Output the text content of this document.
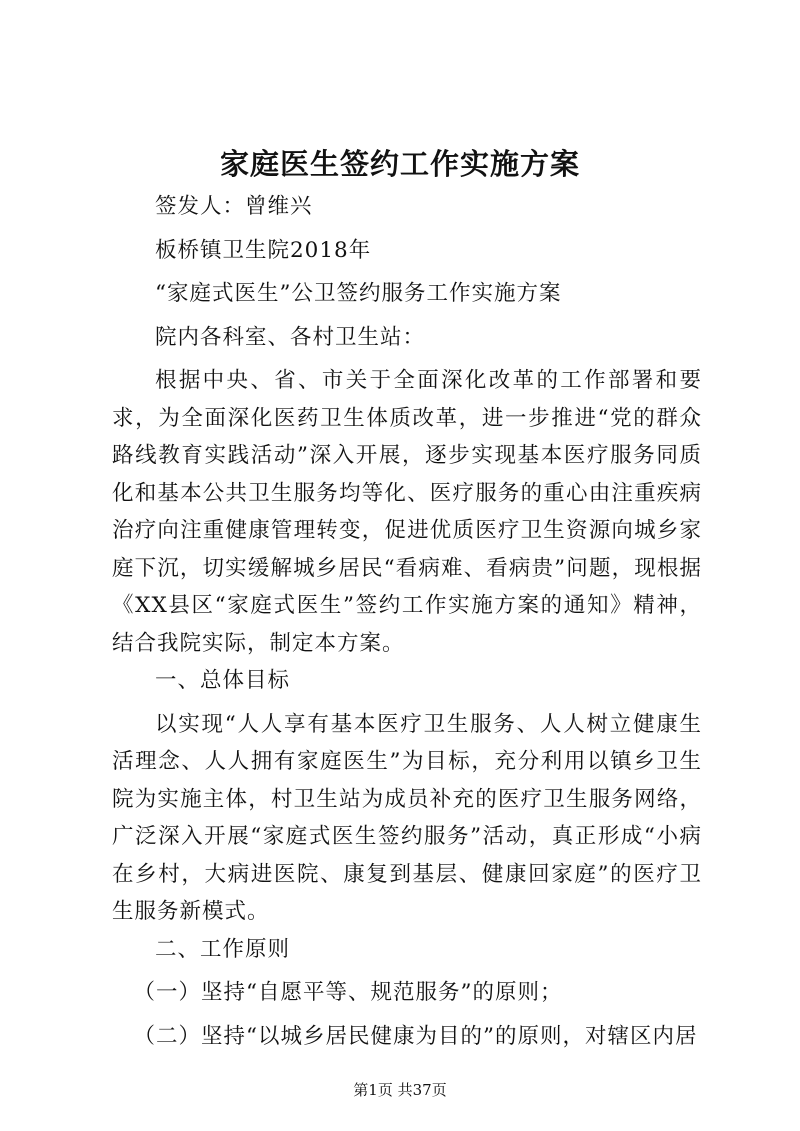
家庭医生签约工作实施方案

签发人：曾维兴

板桥镇卫生院2018年

“家庭式医生”公卫签约服务工作实施方案

院内各科室、各村卫生站：

根据中央、省、市关于全面深化改革的工作部署和要求，为全面深化医药卫生体质改革，进一步推进“党的群众路线教育实践活动”深入开展，逐步实现基本医疗服务同质化和基本公共卫生服务均等化、医疗服务的重心由注重疾病治疗向注重健康管理转变，促进优质医疗卫生资源向城乡家庭下沉，切实缓解城乡居民“看病难、看病贵”问题，现根据《XX县区“家庭式医生”签约工作实施方案的通知》精神，结合我院实际，制定本方案。

一、总体目标

以实现“人人享有基本医疗卫生服务、人人树立健康生活理念、人人拥有家庭医生”为目标，充分利用以镇乡卫生院为实施主体，村卫生站为成员补充的医疗卫生服务网络，广泛深入开展“家庭式医生签约服务”活动，真正形成“小病在乡村，大病进医院、康复到基层、健康回家庭”的医疗卫生服务新模式。

二、工作原则

（一）坚持“自愿平等、规范服务”的原则；

（二）坚持“以城乡居民健康为目的”的原则，对辖区内居

第1页 共37页
